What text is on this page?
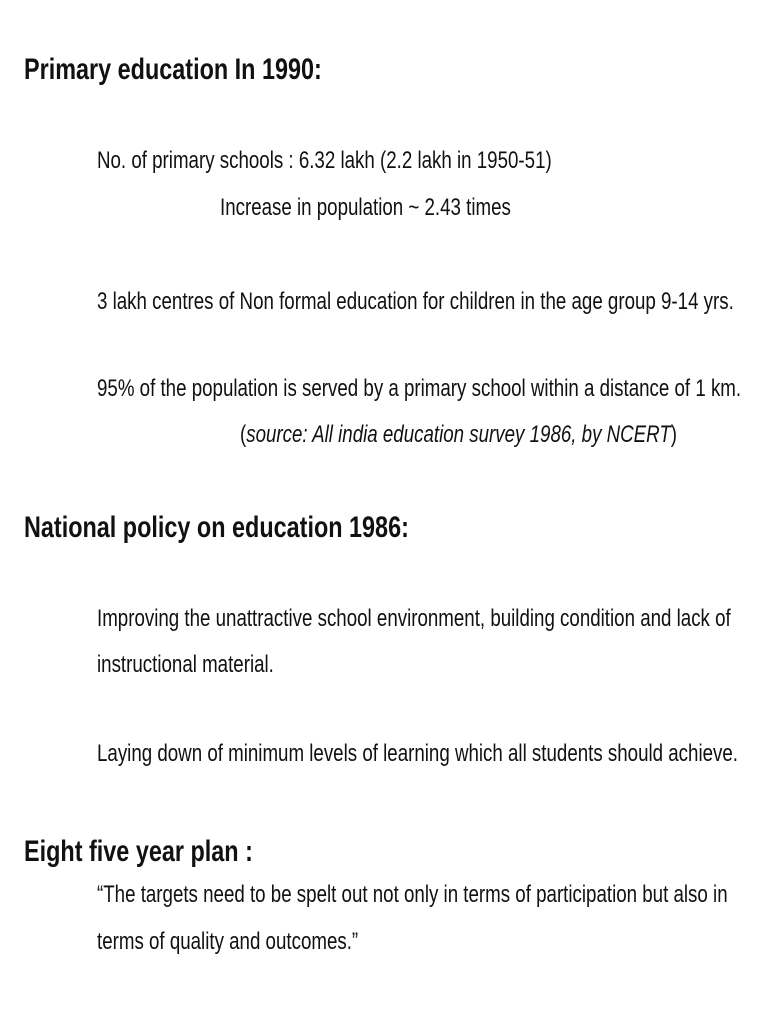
Primary education In 1990:
No. of primary schools : 6.32 lakh (2.2 lakh in 1950-51)
Increase in population ~ 2.43 times
3 lakh centres of Non formal education for children in the age group 9-14 yrs.
95% of the population is served by a primary school within a distance of 1 km.
(source: All india education survey 1986, by NCERT)
National policy on education 1986:
Improving the unattractive school environment, building condition and lack of
instructional material.
Laying down of minimum levels of learning which all students should achieve.
Eight five year plan :
“The targets need to be spelt out not only in terms of participation but also in
terms of quality and outcomes.”
